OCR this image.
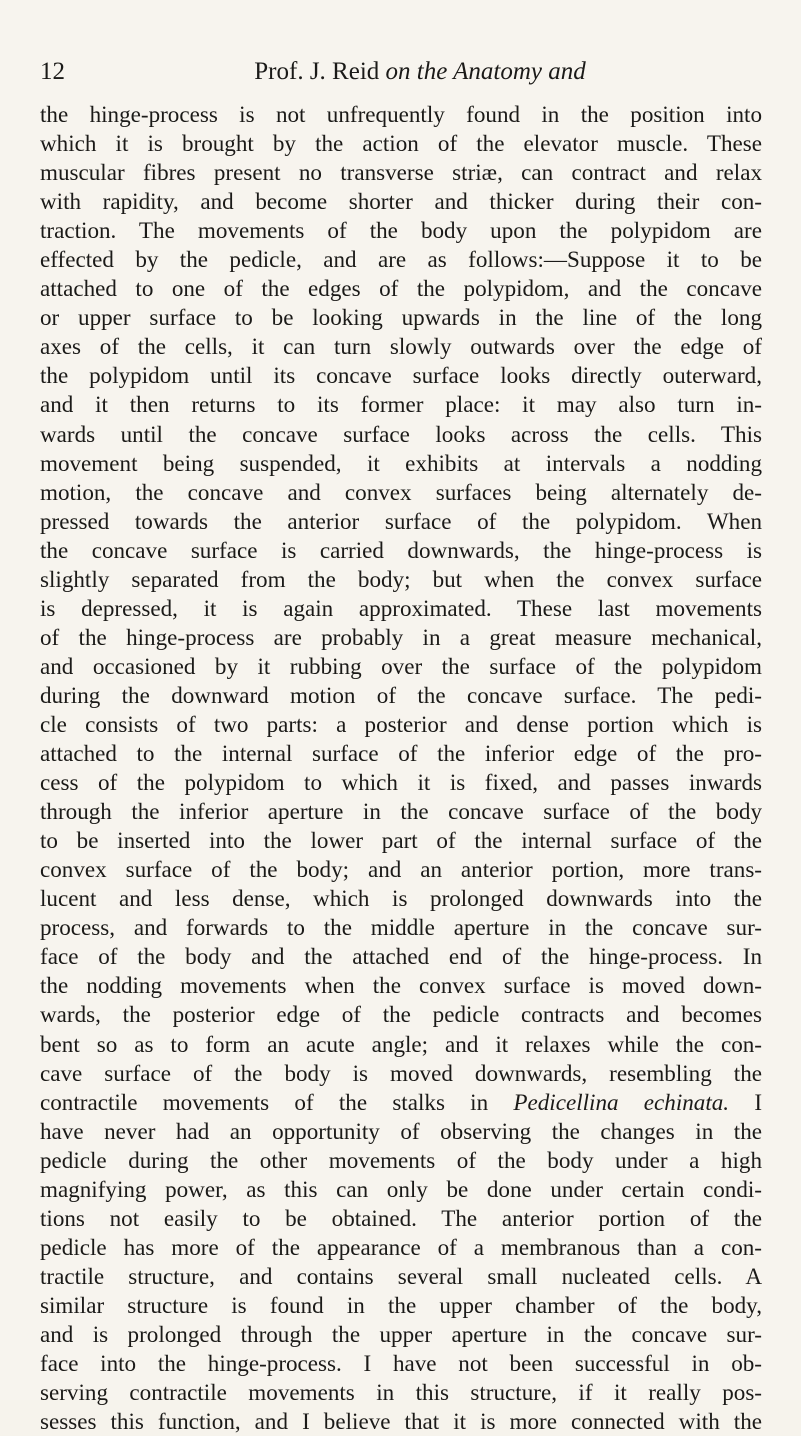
12	Prof. J. Reid on the Anatomy and
the hinge-process is not unfrequently found in the position into
which it is brought by the action of the elevator muscle. These
muscular fibres present no transverse striæ, can contract and relax
with rapidity, and become shorter and thicker during their con-
traction. The movements of the body upon the polypidom are
effected by the pedicle, and are as follows:—Suppose it to be
attached to one of the edges of the polypidom, and the concave
or upper surface to be looking upwards in the line of the long
axes of the cells, it can turn slowly outwards over the edge of
the polypidom until its concave surface looks directly outerward,
and it then returns to its former place: it may also turn in-
wards until the concave surface looks across the cells. This
movement being suspended, it exhibits at intervals a nodding
motion, the concave and convex surfaces being alternately de-
pressed towards the anterior surface of the polypidom. When
the concave surface is carried downwards, the hinge-process is
slightly separated from the body; but when the convex surface
is depressed, it is again approximated. These last movements
of the hinge-process are probably in a great measure mechanical,
and occasioned by it rubbing over the surface of the polypidom
during the downward motion of the concave surface. The pedi-
cle consists of two parts: a posterior and dense portion which is
attached to the internal surface of the inferior edge of the pro-
cess of the polypidom to which it is fixed, and passes inwards
through the inferior aperture in the concave surface of the body
to be inserted into the lower part of the internal surface of the
convex surface of the body; and an anterior portion, more trans-
lucent and less dense, which is prolonged downwards into the
process, and forwards to the middle aperture in the concave sur-
face of the body and the attached end of the hinge-process. In
the nodding movements when the convex surface is moved down-
wards, the posterior edge of the pedicle contracts and becomes
bent so as to form an acute angle; and it relaxes while the con-
cave surface of the body is moved downwards, resembling the
contractile movements of the stalks in Pedicellina echinata. I
have never had an opportunity of observing the changes in the
pedicle during the other movements of the body under a high
magnifying power, as this can only be done under certain condi-
tions not easily to be obtained. The anterior portion of the
pedicle has more of the appearance of a membranous than a con-
tractile structure, and contains several small nucleated cells. A
similar structure is found in the upper chamber of the body,
and is prolonged through the upper aperture in the concave sur-
face into the hinge-process. I have not been successful in ob-
serving contractile movements in this structure, if it really pos-
sesses this function, and I believe that it is more connected with the
